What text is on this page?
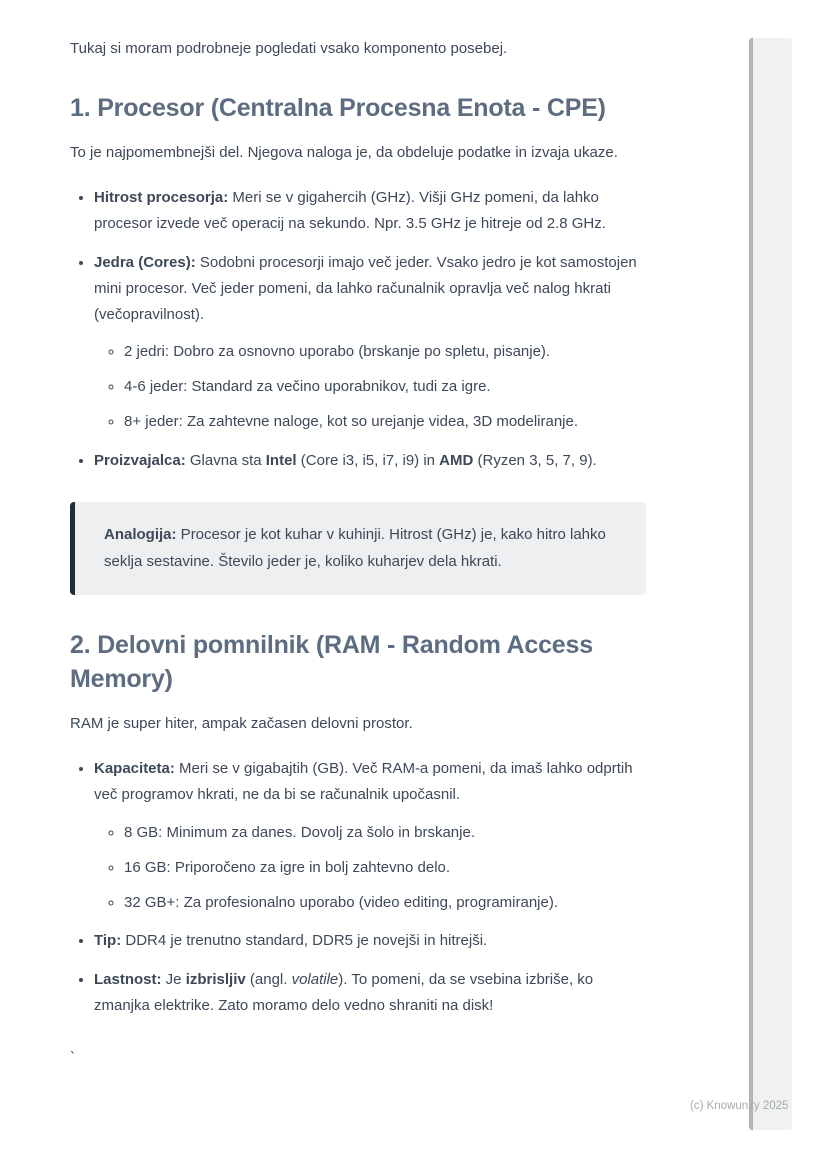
Tukaj si moram podrobneje pogledati vsako komponento posebej.

1. Procesor (Centralna Procesna Enota - CPE)

To je najpomembnejši del. Njegova naloga je, da obdeluje podatke in izvaja ukaze.

• Hitrost procesorja: Meri se v gigahercih (GHz). Višji GHz pomeni, da lahko procesor izvede več operacij na sekundo. Npr. 3.5 GHz je hitreje od 2.8 GHz.
• Jedra (Cores): Sodobni procesorji imajo več jeder. Vsako jedro je kot samostojen mini procesor. Več jeder pomeni, da lahko računalnik opravlja več nalog hkrati (večopravilnost).
◦ 2 jedri: Dobro za osnovno uporabo (brskanje po spletu, pisanje).
◦ 4-6 jeder: Standard za večino uporabnikov, tudi za igre.
◦ 8+ jeder: Za zahtevne naloge, kot so urejanje videa, 3D modeliranje.
• Proizvajalca: Glavna sta Intel (Core i3, i5, i7, i9) in AMD (Ryzen 3, 5, 7, 9).
Analogija: Procesor je kot kuhar v kuhinji. Hitrost (GHz) je, kako hitro lahko seklja sestavine. Število jeder je, koliko kuharjev dela hkrati.
2. Delovni pomnilnik (RAM - Random Access Memory)

RAM je super hiter, ampak začasen delovni prostor.

• Kapaciteta: Meri se v gigabajtih (GB). Več RAM-a pomeni, da imaš lahko odprtih več programov hkrati, ne da bi se računalnik upočasnil.
◦ 8 GB: Minimum za danes. Dovolj za šolo in brskanje.
◦ 16 GB: Priporočeno za igre in bolj zahtevno delo.
◦ 32 GB+: Za profesionalno uporabo (video editing, programiranje).
• Tip: DDR4 je trenutno standard, DDR5 je novejši in hitrejši.
• Lastnost: Je izbrisljiv (angl. volatile). To pomeni, da se vsebina izbriše, ko zmanjka elektrike. Zato moramo delo vedno shraniti na disk!

`

(c) Knowunity 2025
